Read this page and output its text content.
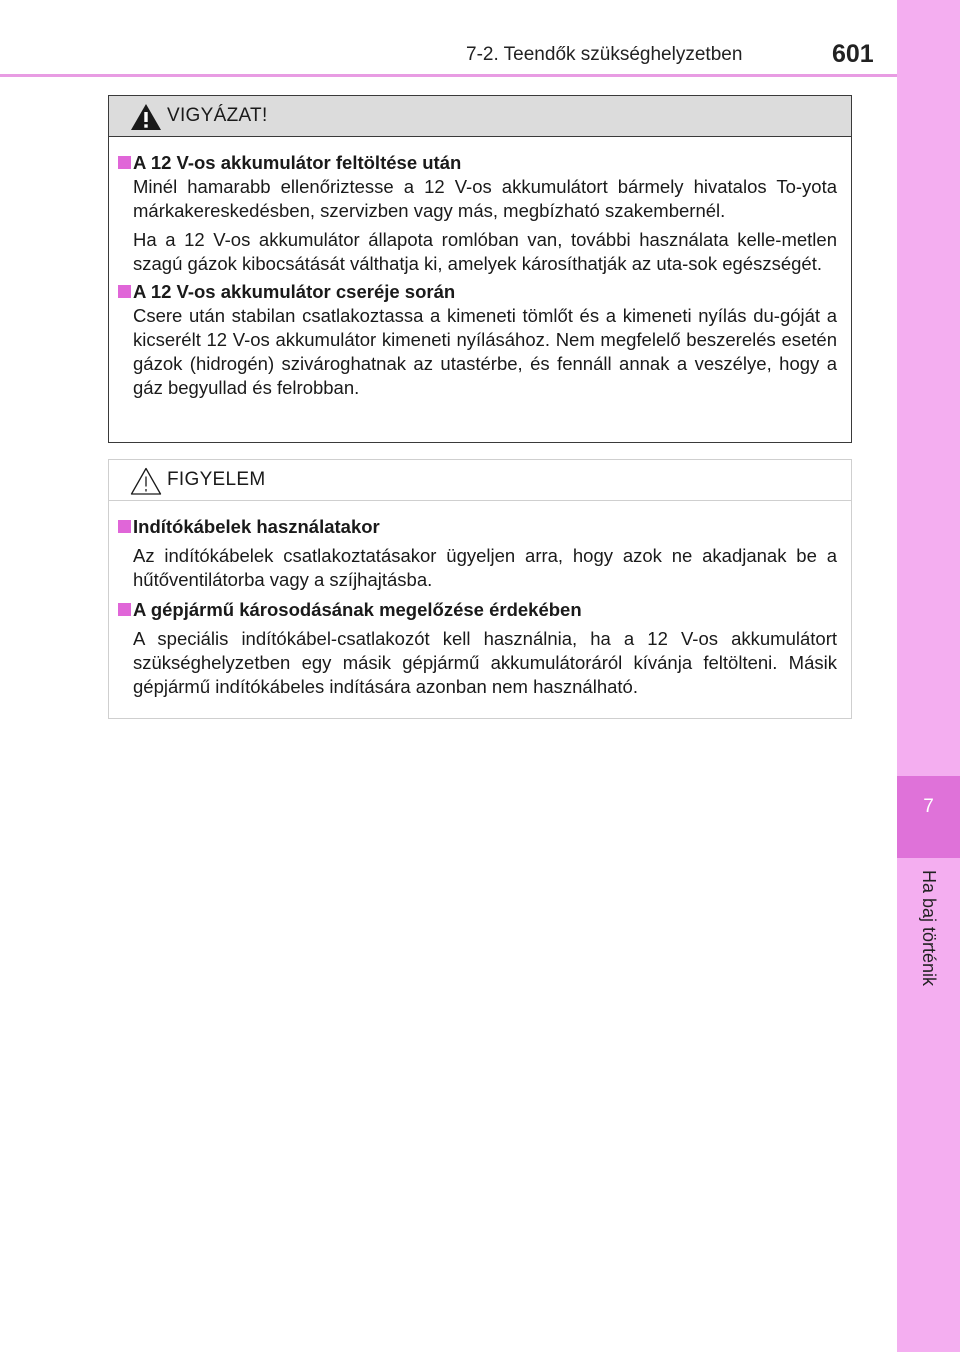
7-2. Teendők szükséghelyzetben	601
7
Ha baj történik
VIGYÁZAT!
A 12 V-os akkumulátor feltöltése után
Minél hamarabb ellenőriztesse a 12 V-os akkumulátort bármely hivatalos To-yota márkakereskedésben, szervizben vagy más, megbízható szakembernél.
Ha a 12 V-os akkumulátor állapota romlóban van, további használata kelle-metlen szagú gázok kibocsátását válthatja ki, amelyek károsíthatják az uta-sok egészségét.
A 12 V-os akkumulátor cseréje során
Csere után stabilan csatlakoztassa a kimeneti tömlőt és a kimeneti nyílás du-góját a kicserélt 12 V-os akkumulátor kimeneti nyílásához. Nem megfelelő beszerelés esetén gázok (hidrogén) szivároghatnak az utastérbe, és fennáll annak a veszélye, hogy a gáz begyullad és felrobban.
FIGYELEM
Indítókábelek használatakor
Az indítókábelek csatlakoztatásakor ügyeljen arra, hogy azok ne akadjanak be a hűtőventilátorba vagy a szíjhajtásba.
A gépjármű károsodásának megelőzése érdekében
A speciális indítókábel-csatlakozót kell használnia, ha a 12 V-os akkumulátort szükséghelyzetben egy másik gépjármű akkumulátoráról kívánja feltölteni. Másik gépjármű indítókábeles indítására azonban nem használható.
